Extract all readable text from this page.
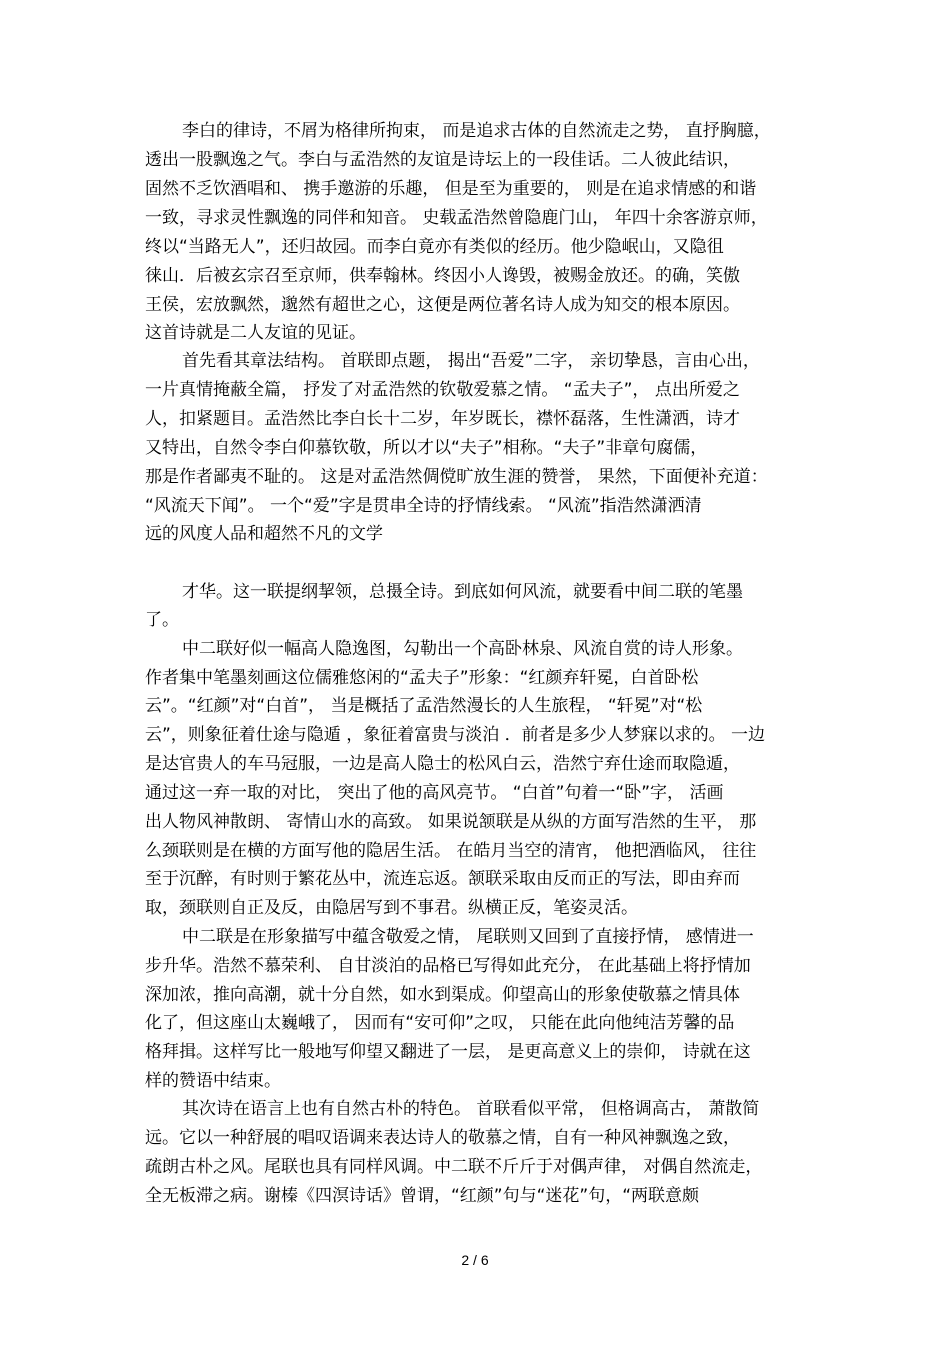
李白的律诗，不屑为格律所拘束， 而是追求古体的自然流走之势， 直抒胸臆，
透出一股飘逸之气。李白与孟浩然的友谊是诗坛上的一段佳话。二人彼此结识，
固然不乏饮酒唱和、 携手邀游的乐趣， 但是至为重要的， 则是在追求情感的和谐
一致，寻求灵性飘逸的同伴和知音。 史载孟浩然曾隐鹿门山， 年四十余客游京师，
终以“当路无人”，还归故园。而李白竟亦有类似的经历。他少隐岷山，又隐徂
徕山．后被玄宗召至京师，供奉翰林。终因小人谗毁，被赐金放还。的确，笑傲
王侯，宏放飘然，邈然有超世之心，这便是两位著名诗人成为知交的根本原因。
这首诗就是二人友谊的见证。
首先看其章法结构。 首联即点题， 揭出“吾爱”二字， 亲切挚恳，言由心出，
一片真情掩蔽全篇， 抒发了对孟浩然的钦敬爱慕之情。 “孟夫子”， 点出所爱之
人，扣紧题目。孟浩然比李白长十二岁，年岁既长，襟怀磊落，生性潇洒，诗才
又特出，自然令李白仰慕钦敬，所以才以“夫子”相称。“夫子”非章句腐儒，
那是作者鄙夷不耻的。 这是对孟浩然倜傥旷放生涯的赞誉， 果然，下面便补充道：
“风流天下闻”。 一个“爱”字是贯串全诗的抒情线索。 “风流”指浩然潇洒清
远的风度人品和超然不凡的文学
才华。这一联提纲挈领，总摄全诗。到底如何风流，就要看中间二联的笔墨
了。
中二联好似一幅高人隐逸图，勾勒出一个高卧林泉、风流自赏的诗人形象。
作者集中笔墨刻画这位儒雅悠闲的“孟夫子”形象：“红颜弃轩冕，白首卧松
云”。“红颜”对“白首”， 当是概括了孟浩然漫长的人生旅程， “轩冕”对“松
云”，则象征着仕途与隐遁 ，象征着富贵与淡泊 ．前者是多少人梦寐以求的。 一边
是达官贵人的车马冠服，一边是高人隐士的松风白云，浩然宁弃仕途而取隐遁，
通过这一弃一取的对比， 突出了他的高风亮节。 “白首”句着一“卧”字， 活画
出人物风神散朗、 寄情山水的高致。 如果说颔联是从纵的方面写浩然的生平， 那
么颈联则是在横的方面写他的隐居生活。 在皓月当空的清宵， 他把酒临风， 往往
至于沉醉，有时则于繁花丛中，流连忘返。颔联采取由反而正的写法，即由弃而
取，颈联则自正及反，由隐居写到不事君。纵横正反，笔姿灵活。
中二联是在形象描写中蕴含敬爱之情， 尾联则又回到了直接抒情， 感情进一
步升华。浩然不慕荣利、 自甘淡泊的品格已写得如此充分， 在此基础上将抒情加
深加浓，推向高潮，就十分自然，如水到渠成。仰望高山的形象使敬慕之情具体
化了，但这座山太巍峨了， 因而有“安可仰”之叹， 只能在此向他纯洁芳馨的品
格拜揖。这样写比一般地写仰望又翻进了一层， 是更高意义上的崇仰， 诗就在这
样的赞语中结束。
其次诗在语言上也有自然古朴的特色。 首联看似平常， 但格调高古， 萧散简
远。它以一种舒展的唱叹语调来表达诗人的敬慕之情，自有一种风神飘逸之致，
疏朗古朴之风。尾联也具有同样风调。中二联不斤斤于对偶声律， 对偶自然流走，
全无板滞之病。谢榛《四溟诗话》曾谓，“红颜”句与“迷花”句，“两联意颇
2 / 6
